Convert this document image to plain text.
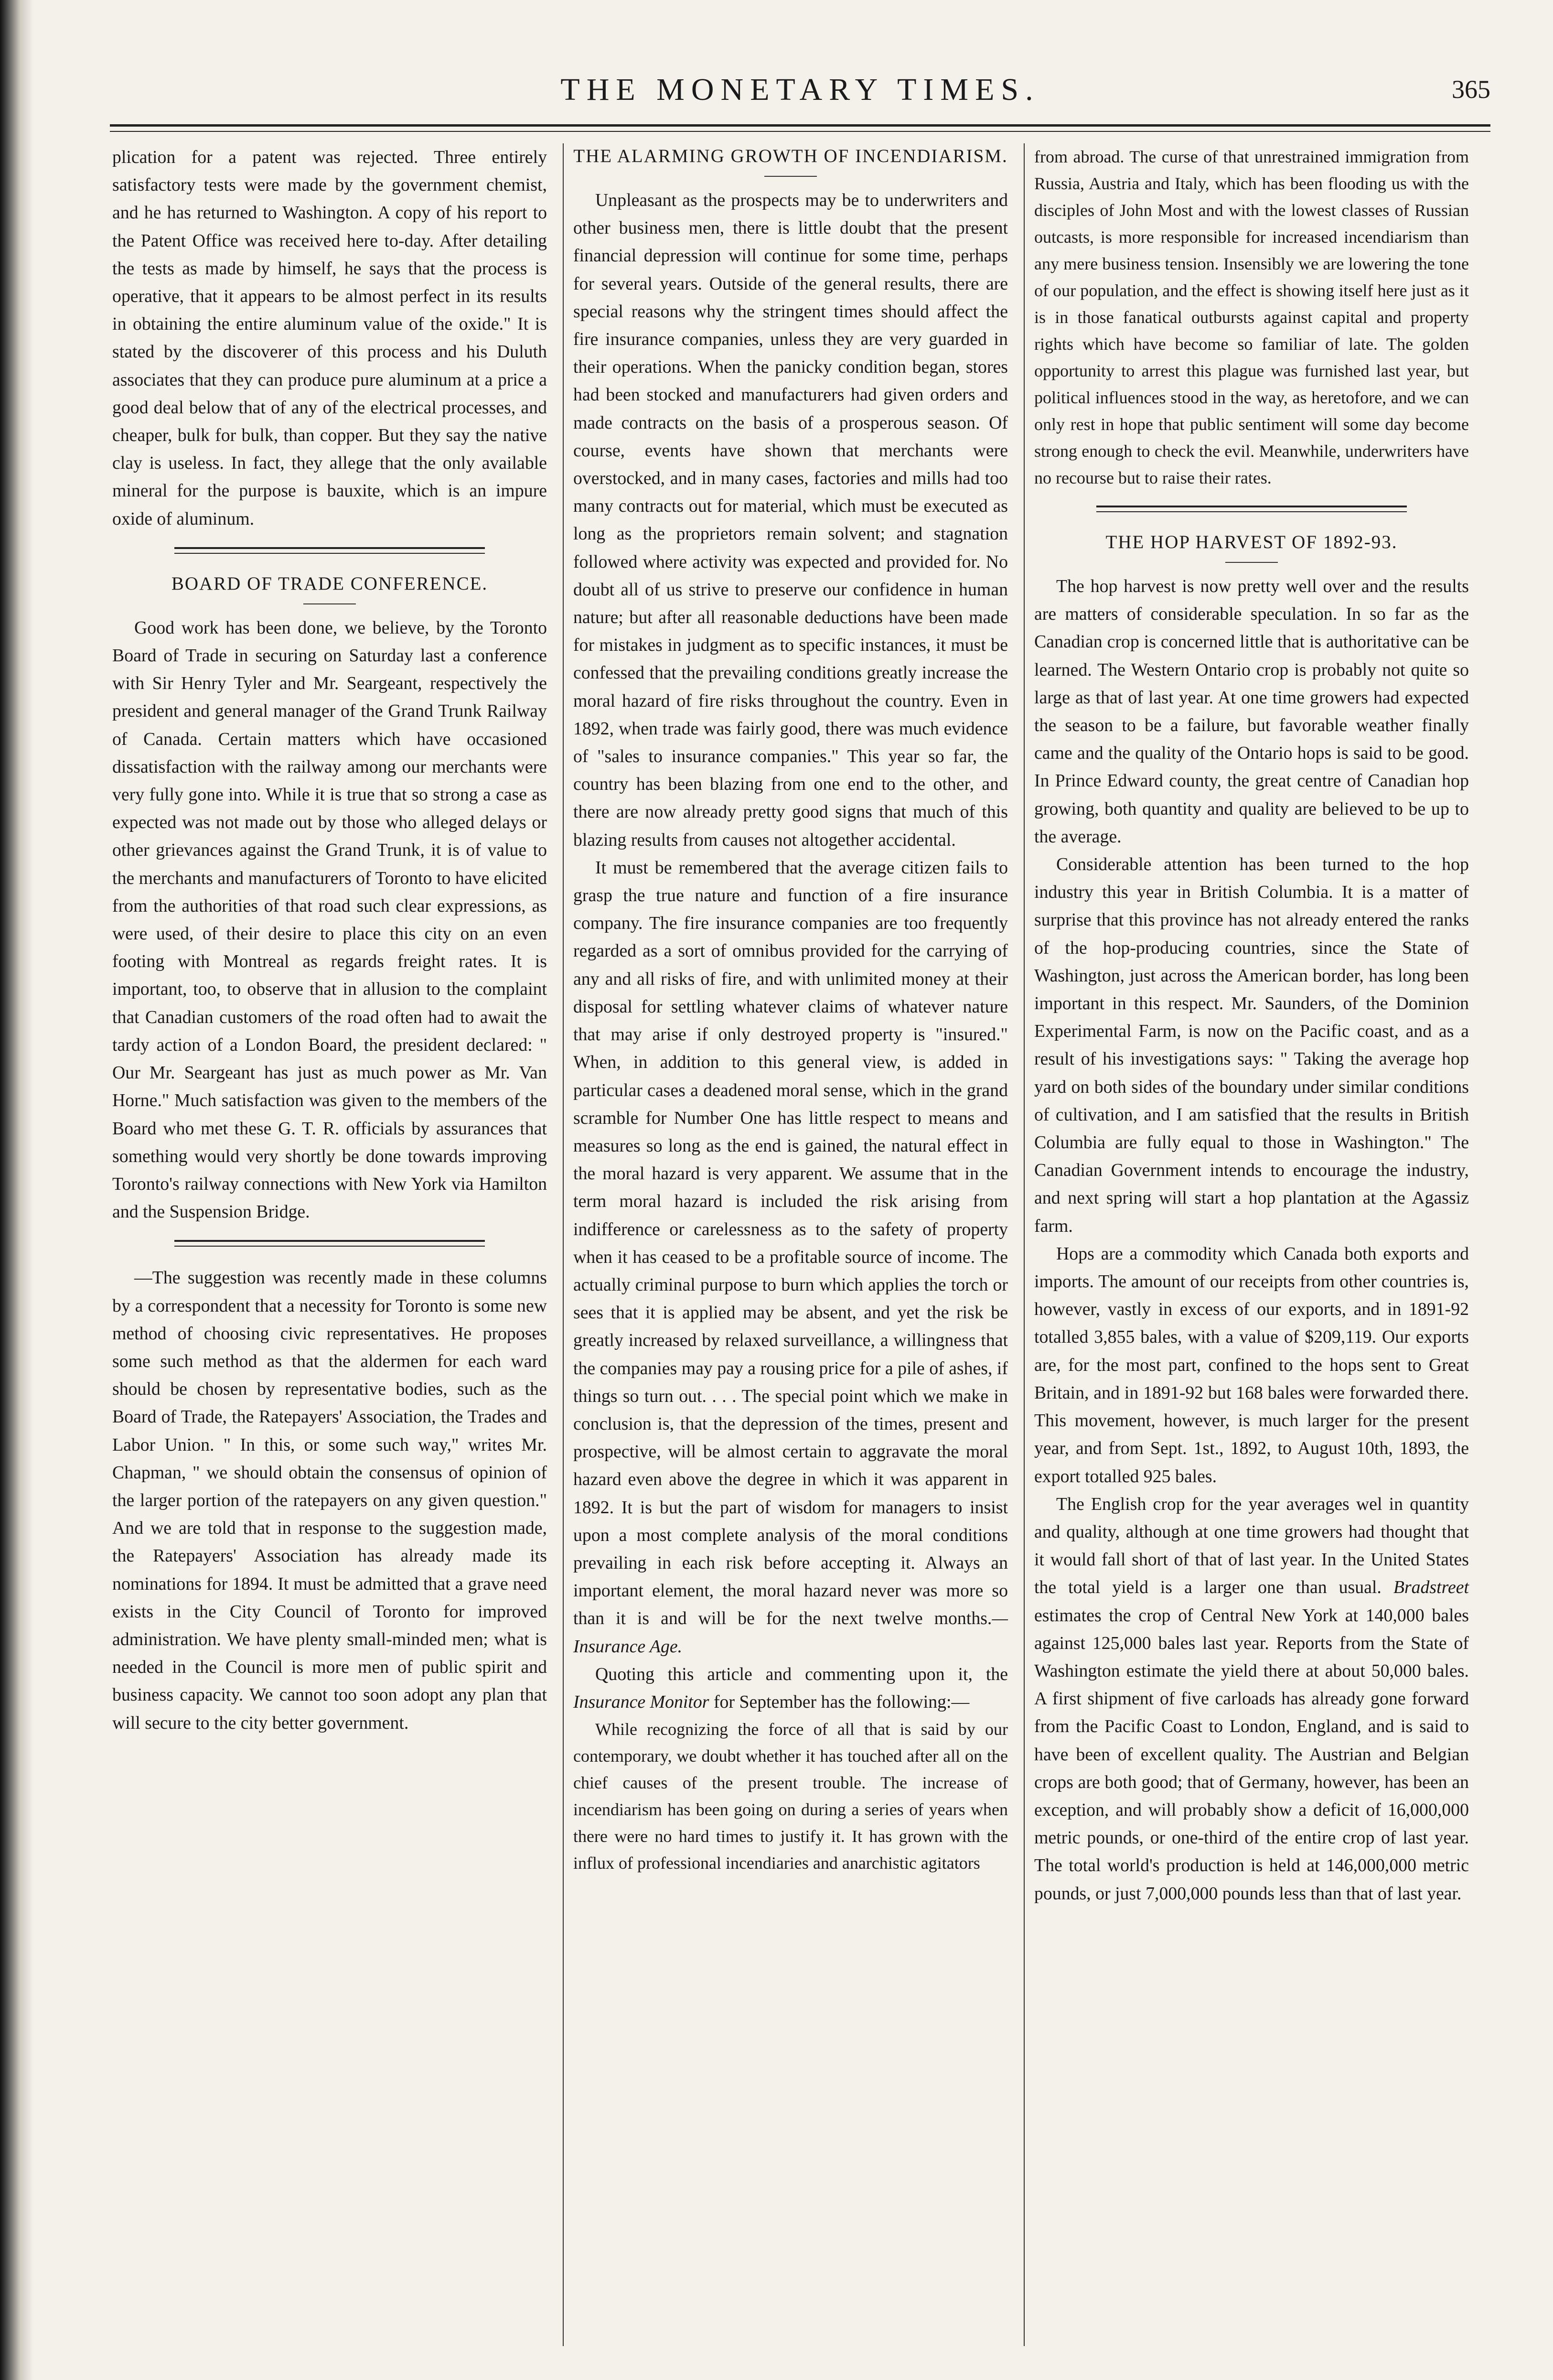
THE MONETARY TIMES.	365

plication for a patent was rejected. Three entirely satisfactory tests were made by the government chemist, and he has returned to Washington. A copy of his report to the Patent Office was received here to-day. After detailing the tests as made by himself, he says that the process is operative, that it appears to be almost perfect in its results in obtaining the entire aluminum value of the oxide." It is stated by the discoverer of this process and his Duluth associates that they can produce pure aluminum at a price a good deal below that of any of the electrical processes, and cheaper, bulk for bulk, than copper. But they say the native clay is useless. In fact, they allege that the only available mineral for the purpose is bauxite, which is an impure oxide of aluminum.

BOARD OF TRADE CONFERENCE.

Good work has been done, we believe, by the Toronto Board of Trade in securing on Saturday last a conference with Sir Henry Tyler and Mr. Seargeant, respectively the president and general manager of the Grand Trunk Railway of Canada. Certain matters which have occasioned dissatisfaction with the railway among our merchants were very fully gone into. While it is true that so strong a case as expected was not made out by those who alleged delays or other grievances against the Grand Trunk, it is of value to the merchants and manufacturers of Toronto to have elicited from the authorities of that road such clear expressions, as were used, of their desire to place this city on an even footing with Montreal as regards freight rates. It is important, too, to observe that in allusion to the complaint that Canadian customers of the road often had to await the tardy action of a London Board, the president declared: " Our Mr. Seargeant has just as much power as Mr. Van Horne." Much satisfaction was given to the members of the Board who met these G. T. R. officials by assurances that something would very shortly be done towards improving Toronto's railway connections with New York via Hamilton and the Suspension Bridge.

—The suggestion was recently made in these columns by a correspondent that a necessity for Toronto is some new method of choosing civic representatives. He proposes some such method as that the aldermen for each ward should be chosen by representative bodies, such as the Board of Trade, the Ratepayers' Association, the Trades and Labor Union. " In this, or some such way," writes Mr. Chapman, " we should obtain the consensus of opinion of the larger portion of the ratepayers on any given question." And we are told that in response to the suggestion made, the Ratepayers' Association has already made its nominations for 1894. It must be admitted that a grave need exists in the City Council of Toronto for improved administration. We have plenty small-minded men; what is needed in the Council is more men of public spirit and business capacity. We cannot too soon adopt any plan that will secure to the city better government.

THE ALARMING GROWTH OF INCENDIARISM.

Unpleasant as the prospects may be to underwriters and other business men, there is little doubt that the present financial depression will continue for some time, perhaps for several years. Outside of the general results, there are special reasons why the stringent times should affect the fire insurance companies, unless they are very guarded in their operations. When the panicky condition began, stores had been stocked and manufacturers had given orders and made contracts on the basis of a prosperous season. Of course, events have shown that merchants were overstocked, and in many cases, factories and mills had too many contracts out for material, which must be executed as long as the proprietors remain solvent; and stagnation followed where activity was expected and provided for. No doubt all of us strive to preserve our confidence in human nature; but after all reasonable deductions have been made for mistakes in judgment as to specific instances, it must be confessed that the prevailing conditions greatly increase the moral hazard of fire risks throughout the country. Even in 1892, when trade was fairly good, there was much evidence of "sales to insurance companies." This year so far, the country has been blazing from one end to the other, and there are now already pretty good signs that much of this blazing results from causes not altogether accidental.

It must be remembered that the average citizen fails to grasp the true nature and function of a fire insurance company. The fire insurance companies are too frequently regarded as a sort of omnibus provided for the carrying of any and all risks of fire, and with unlimited money at their disposal for settling whatever claims of whatever nature that may arise if only destroyed property is "insured." When, in addition to this general view, is added in particular cases a deadened moral sense, which in the grand scramble for Number One has little respect to means and measures so long as the end is gained, the natural effect in the moral hazard is very apparent. We assume that in the term moral hazard is included the risk arising from indifference or carelessness as to the safety of property when it has ceased to be a profitable source of income. The actually criminal purpose to burn which applies the torch or sees that it is applied may be absent, and yet the risk be greatly increased by relaxed surveillance, a willingness that the companies may pay a rousing price for a pile of ashes, if things so turn out. . . . The special point which we make in conclusion is, that the depression of the times, present and prospective, will be almost certain to aggravate the moral hazard even above the degree in which it was apparent in 1892. It is but the part of wisdom for managers to insist upon a most complete analysis of the moral conditions prevailing in each risk before accepting it. Always an important element, the moral hazard never was more so than it is and will be for the next twelve months.—Insurance Age.

Quoting this article and commenting upon it, the Insurance Monitor for September has the following:—

While recognizing the force of all that is said by our contemporary, we doubt whether it has touched after all on the chief causes of the present trouble. The increase of incendiarism has been going on during a series of years when there were no hard times to justify it. It has grown with the influx of professional incendiaries and anarchistic agitators

from abroad. The curse of that unrestrained immigration from Russia, Austria and Italy, which has been flooding us with the disciples of John Most and with the lowest classes of Russian outcasts, is more responsible for increased incendiarism than any mere business tension. Insensibly we are lowering the tone of our population, and the effect is showing itself here just as it is in those fanatical outbursts against capital and property rights which have become so familiar of late. The golden opportunity to arrest this plague was furnished last year, but political influences stood in the way, as heretofore, and we can only rest in hope that public sentiment will some day become strong enough to check the evil. Meanwhile, underwriters have no recourse but to raise their rates.

THE HOP HARVEST OF 1892-93.

The hop harvest is now pretty well over and the results are matters of considerable speculation. In so far as the Canadian crop is concerned little that is authoritative can be learned. The Western Ontario crop is probably not quite so large as that of last year. At one time growers had expected the season to be a failure, but favorable weather finally came and the quality of the Ontario hops is said to be good. In Prince Edward county, the great centre of Canadian hop growing, both quantity and quality are believed to be up to the average.

Considerable attention has been turned to the hop industry this year in British Columbia. It is a matter of surprise that this province has not already entered the ranks of the hop-producing countries, since the State of Washington, just across the American border, has long been important in this respect. Mr. Saunders, of the Dominion Experimental Farm, is now on the Pacific coast, and as a result of his investigations says: " Taking the average hop yard on both sides of the boundary under similar conditions of cultivation, and I am satisfied that the results in British Columbia are fully equal to those in Washington." The Canadian Government intends to encourage the industry, and next spring will start a hop plantation at the Agassiz farm.

Hops are a commodity which Canada both exports and imports. The amount of our receipts from other countries is, however, vastly in excess of our exports, and in 1891-92 totalled 3,855 bales, with a value of $209,119. Our exports are, for the most part, confined to the hops sent to Great Britain, and in 1891-92 but 168 bales were forwarded there. This movement, however, is much larger for the present year, and from Sept. 1st., 1892, to August 10th, 1893, the export totalled 925 bales.

The English crop for the year averages wel in quantity and quality, although at one time growers had thought that it would fall short of that of last year. In the United States the total yield is a larger one than usual. Bradstreet estimates the crop of Central New York at 140,000 bales against 125,000 bales last year. Reports from the State of Washington estimate the yield there at about 50,000 bales. A first shipment of five carloads has already gone forward from the Pacific Coast to London, England, and is said to have been of excellent quality. The Austrian and Belgian crops are both good; that of Germany, however, has been an exception, and will probably show a deficit of 16,000,000 metric pounds, or one-third of the entire crop of last year. The total world's production is held at 146,000,000 metric pounds, or just 7,000,000 pounds less than that of last year.
